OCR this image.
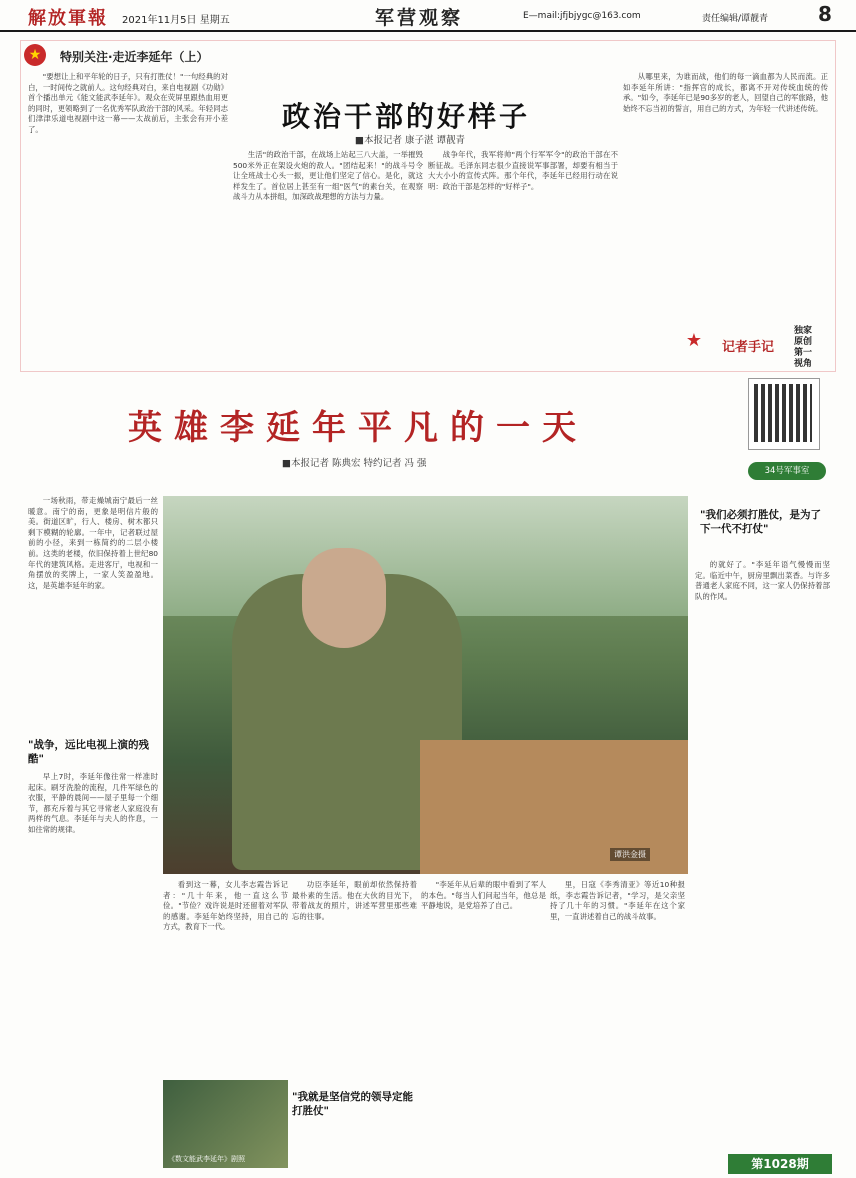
解放軍報 2021年11月5日 星期五	军营观察	E—mail:jfjbjygc@163.com	责任编辑/谭靓青 8
★	特别关注·走近李延年（上）
政治干部的好样子
■本报记者 康子湛 谭靓青

"要想让上和平年轮的日子，只有打胜仗！"一句经典的对白，一时间传之就前人。这句经典对白，来自电视剧《功勋》首个播出单元《能文能武李延年》。观众在荧屏里跟热血用更的同时，更领略到了一名优秀军队政治干部的风采。年轻同志们津津乐道电视剧中这一幕——太战前后，主张会有开小差了。

生活"的政治干部，在战场上站起三八大盖，一举摧毁500米外正在架设火炮的敌人。"团结起来！"的战斗号令让全班战士心头一振，更让他们坚定了信心。是化，就这样发生了。首位居上甚至有一组"医气"的素台关，在观察战斗力从本拼组，加深政战理想的方法与力量。

战争年代，我军将帅"两个行军军令"的政治干部在不断征战。毛泽东同志很少直接说军事部署，却要有相当于大大小小的宣传式阵。那个年代，李延年已经用行动在说明：政治干部是怎样的"好样子"。

从哪里来，为谁而战，他们的每一滴血都为人民而流。正如李延年所讲："指挥官的成长，都离不开对传统血统的传承。"如今，李延年已是90多岁的老人，回望自己的军旅路，他始终不忘当初的誓言，用自己的方式，为年轻一代讲述传统。

★	记者手记
英雄李延年平凡的一天
■本报记者 陈典宏 特约记者 冯 强
独家原创第一视角
34号军事室
谭洪金摄

一场秋雨，带走燥城南宁最后一丝暖意。南宁的南，更象是明信片般的美。街道区旷，行人、楼房、树木都只剩下模糊的轮廓。一年中，记者联过屋前的小径，来到一栋简约的二层小楼前。这类的老楼，依旧保持着上世纪80年代的建筑风格。走进客厅，电视和一角摆放的奖牌上，一家人笑盈盈地。这，是英雄李延年的家。

"战争，远比电视上演的残酷"

早上7时，李延年像往常一样准时起床。刷牙洗脸的流程，几件军绿色的衣服，平静的晨间——屋子里每一个细节，都充斥着与其它寻常老人家庭没有两样的气息。李延年与夫人的作息，一如往常的规律。

的就好了。"李延年语气慢慢而坚定。临近中午，厨房里飘出菜香。与许多普通老人家庭不同，这一家人仍保持着部队的作风。

"我们必须打胜仗，是为了下一代不打仗"

看到这一幕，女儿李志霞告诉记者："几十年来，他一直这么节俭。"节俭？戏许说是时还留着对军队的感谢。李延年始终坚持，用自己的方式，教育下一代。

《数文能武李延年》剧照

功臣李延年，眼前却依然保持着最朴素的生活。他在大伙的目光下，带着战友的照片，讲述军营里那些难忘的往事。

"我就是坚信党的领导定能打胜仗"

"李延年从后辈的眼中看到了军人的本色。"每当人们问起当年，他总是平静地说，是党培养了自己。

里，日寇《李秀清亚》等近10种报纸，李志霞告诉记者，"学习，是父亲坚持了几十年的习惯。"李延年在这个家里，一直讲述着自己的战斗故事。

第1028期
